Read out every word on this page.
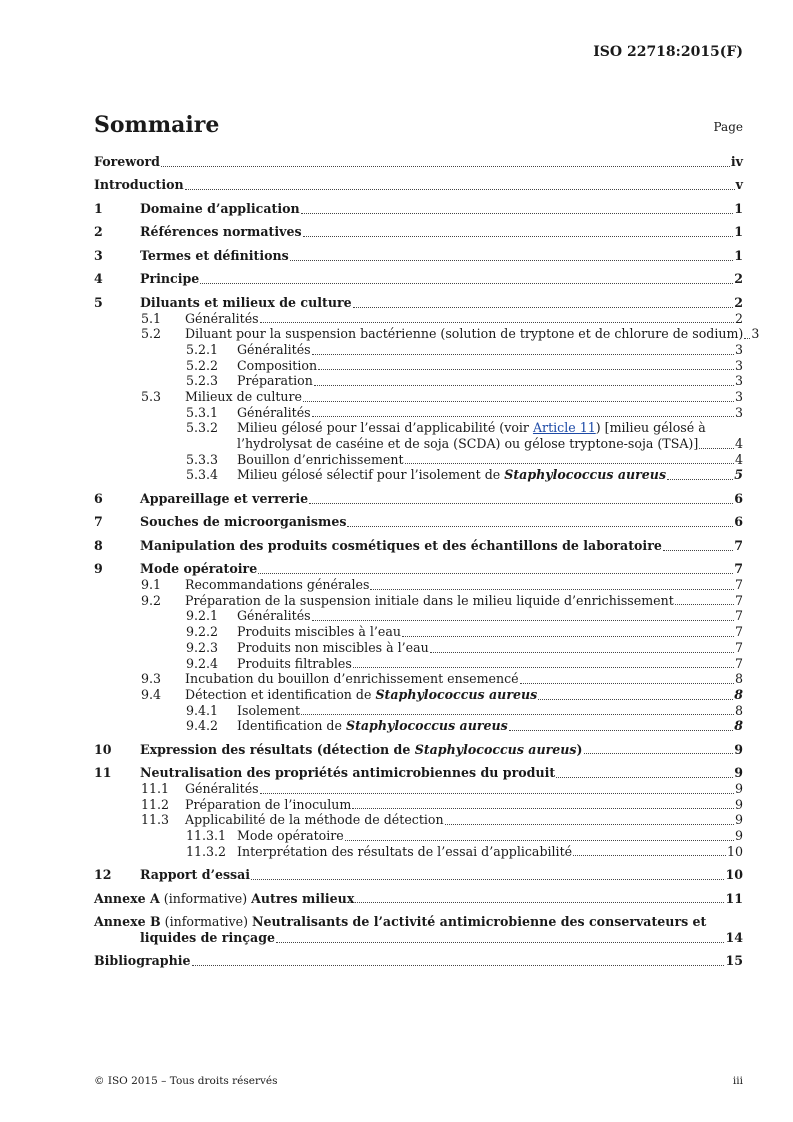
ISO 22718:2015(F)
Sommaire	Page
Foreword	iv
Introduction	v
1	Domaine d’application	1
2	Références normatives	1
3	Termes et définitions	1
4	Principe	2
5	Diluants et milieux de culture	2
5.1 Généralités	2
5.2 Diluant pour la suspension bactérienne (solution de tryptone et de chlorure de sodium) 3
5.2.1 Généralités	3
5.2.2 Composition	3
5.2.3 Préparation	3
5.3 Milieux de culture	3
5.3.1 Généralités	3
5.3.2 Milieu gélosé pour l’essai d’applicabilité (voir Article 11) [milieu gélosé à
l’hydrolysat de caséine et de soja (SCDA) ou gélose tryptone-soja (TSA)]	4
5.3.3 Bouillon d’enrichissement	4
5.3.4 Milieu gélosé sélectif pour l’isolement de Staphylococcus aureus	5
6	Appareillage et verrerie	6
7	Souches de microorganismes	6
8	Manipulation des produits cosmétiques et des échantillons de laboratoire	7
9	Mode opératoire	7
9.1 Recommandations générales	7
9.2 Préparation de la suspension initiale dans le milieu liquide d’enrichissement	7
9.2.1 Généralités	7
9.2.2 Produits miscibles à l’eau	7
9.2.3 Produits non miscibles à l’eau	7
9.2.4 Produits filtrables	7
9.3 Incubation du bouillon d’enrichissement ensemencé	8
9.4 Détection et identification de Staphylococcus aureus	8
9.4.1 Isolement	8
9.4.2 Identification de Staphylococcus aureus	8
10 Expression des résultats (détection de Staphylococcus aureus)	9
11 Neutralisation des propriétés antimicrobiennes du produit	9
11.1 Généralités	9
11.2 Préparation de l’inoculum	9
11.3 Applicabilité de la méthode de détection	9
11.3.1 Mode opératoire	9
11.3.2 Interprétation des résultats de l’essai d’applicabilité	10
12 Rapport d’essai	10
Annexe A (informative) Autres milieux	11
Annexe B (informative) Neutralisants de l’activité antimicrobienne des conservateurs et
liquides de rinçage	14
Bibliographie	15
© ISO 2015 – Tous droits réservés	iii
